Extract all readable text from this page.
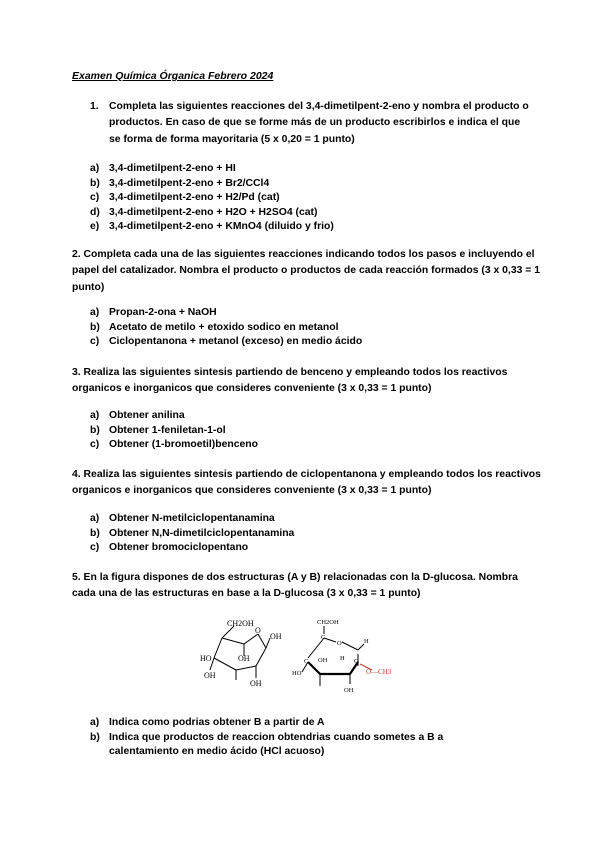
Examen Química Órganica Febrero 2024
1. Completa las siguientes reacciones del 3,4-dimetilpent-2-eno y nombra el producto o productos. En caso de que se forme más de un producto escribirlos e indica el que se forma de forma mayoritaria (5 x 0,20 = 1 punto)
a) 3,4-dimetilpent-2-eno + HI
b) 3,4-dimetilpent-2-eno + Br2/CCl4
c) 3,4-dimetilpent-2-eno + H2/Pd (cat)
d) 3,4-dimetilpent-2-eno + H2O + H2SO4 (cat)
e) 3,4-dimetilpent-2-eno + KMnO4 (diluido y frio)
2. Completa cada una de las siguientes reacciones indicando todos los pasos e incluyendo el papel del catalizador. Nombra el producto o productos de cada reacción formados (3 x 0,33 = 1 punto)
a) Propan-2-ona + NaOH
b) Acetato de metilo + etoxido sodico en metanol
c) Ciclopentanona + metanol (exceso) en medio ácido
3. Realiza las siguientes sintesis partiendo de benceno y empleando todos los reactivos organicos e inorganicos que consideres conveniente (3 x 0,33 = 1 punto)
a) Obtener anilina
b) Obtener 1-feniletan-1-ol
c) Obtener (1-bromoetil)benceno
4. Realiza las siguientes sintesis partiendo de ciclopentanona y empleando todos los reactivos organicos e inorganicos que consideres conveniente (3 x 0,33 = 1 punto)
a) Obtener N-metilciclopentanamina
b) Obtener N,N-dimetilciclopentanamina
c) Obtener bromociclopentano
5. En la figura dispones de dos estructuras (A y B) relacionadas con la D-glucosa. Nombra cada una de las estructuras en base a la D-glucosa (3 x 0,33 = 1 punto)
CH2OH
O
OH
OH
HO
OH
OH
CH2OH
C
O	H
C OH H C
HO
OH
O—CH3
a) Indica como podrias obtener B a partir de A
b) Indica que productos de reaccion obtendrias cuando sometes a B a calentamiento en medio ácido (HCl acuoso)
